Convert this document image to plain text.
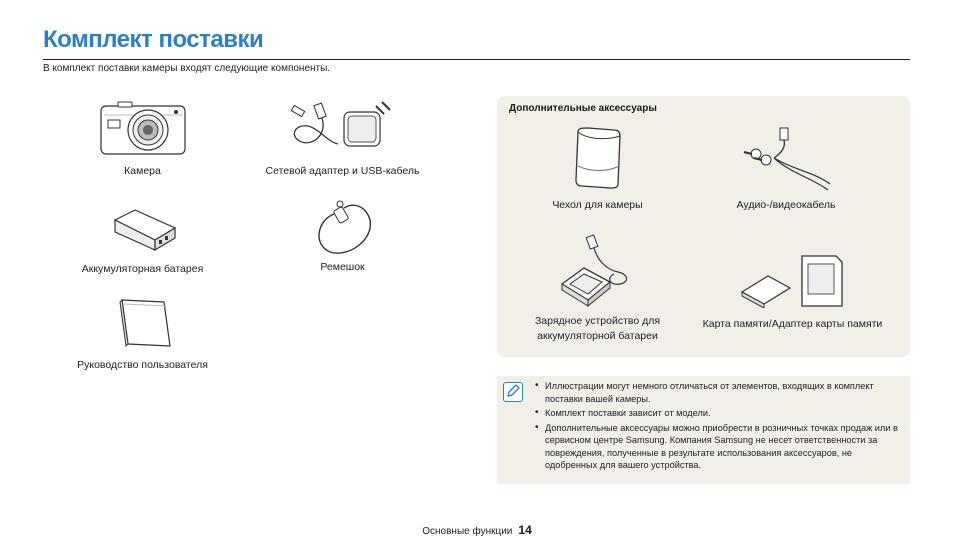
Комплект поставки
В комплект поставки камеры входят следующие компоненты.
Камера	Сетевой адаптер и USB-кабель
Аккумуляторная батарея	Ремешок
Руководство пользователя
Дополнительные аксессуары
Чехол для камеры	Аудио-/видеокабель
Зарядное устройство для
аккумуляторной батареи
Карта памяти/Адаптер карты памяти
• Иллюстрации могут немного отличаться от элементов, входящих в комплект поставки вашей камеры.
• Комплект поставки зависит от модели.
• Дополнительные аксессуары можно приобрести в розничных точках продаж или в сервисном центре Samsung. Компания Samsung не несет ответственности за повреждения, полученные в результате использования аксессуаров, не одобренных для вашего устройства.
Основные функции 14
